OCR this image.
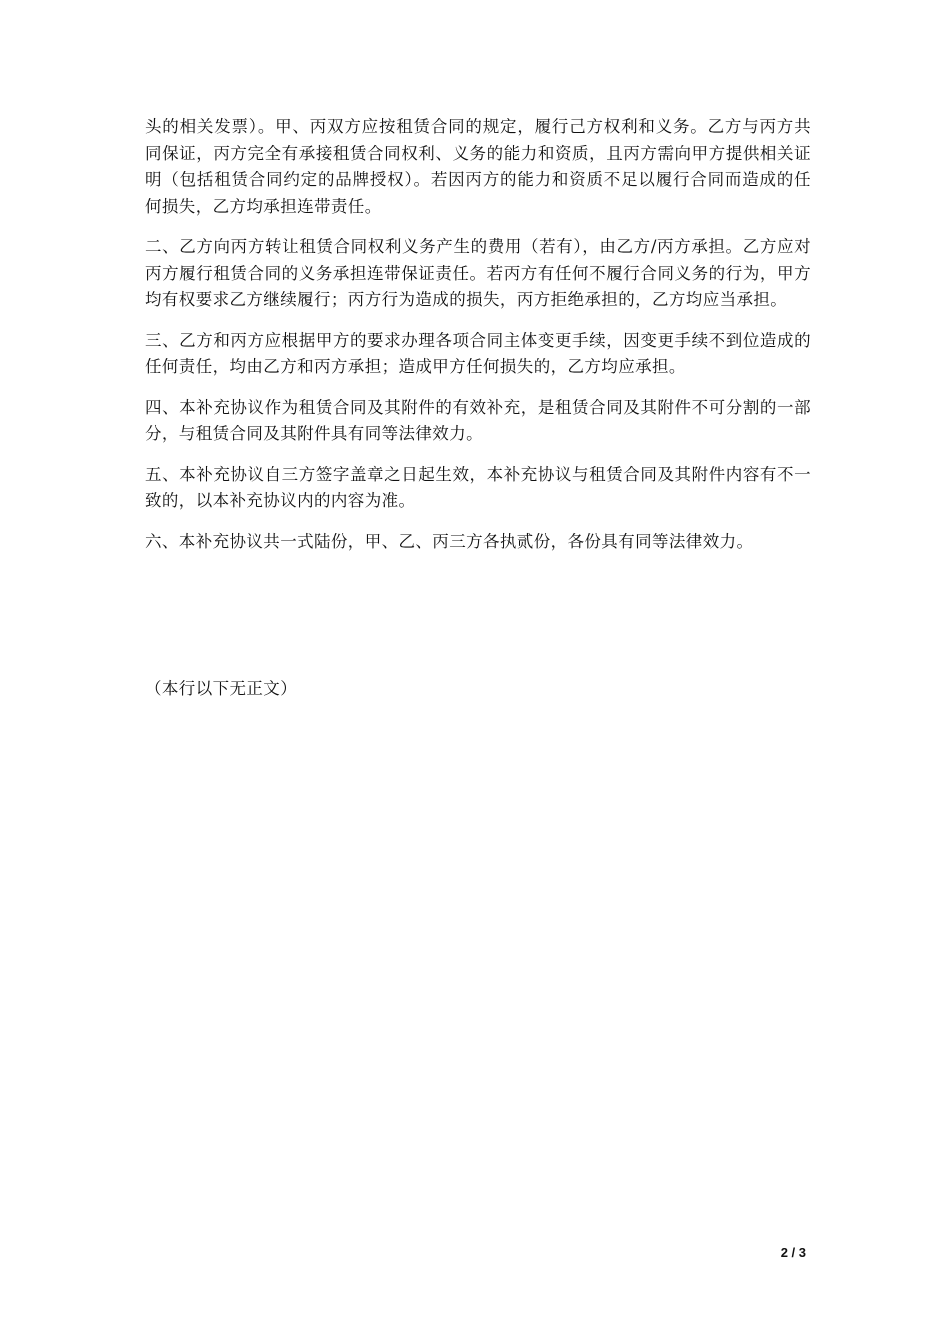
头的相关发票）。甲、丙双方应按租赁合同的规定，履行己方权利和义务。乙方与丙方共同保证，丙方完全有承接租赁合同权利、义务的能力和资质，且丙方需向甲方提供相关证明（包括租赁合同约定的品牌授权）。若因丙方的能力和资质不足以履行合同而造成的任何损失，乙方均承担连带责任。

二、乙方向丙方转让租赁合同权利义务产生的费用（若有），由乙方/丙方承担。乙方应对丙方履行租赁合同的义务承担连带保证责任。若丙方有任何不履行合同义务的行为，甲方均有权要求乙方继续履行；丙方行为造成的损失，丙方拒绝承担的，乙方均应当承担。

三、乙方和丙方应根据甲方的要求办理各项合同主体变更手续，因变更手续不到位造成的任何责任，均由乙方和丙方承担；造成甲方任何损失的，乙方均应承担。

四、本补充协议作为租赁合同及其附件的有效补充，是租赁合同及其附件不可分割的一部分，与租赁合同及其附件具有同等法律效力。

五、本补充协议自三方签字盖章之日起生效，本补充协议与租赁合同及其附件内容有不一致的，以本补充协议内的内容为准。

六、本补充协议共一式陆份，甲、乙、丙三方各执贰份，各份具有同等法律效力。

（本行以下无正文）
2 / 3
